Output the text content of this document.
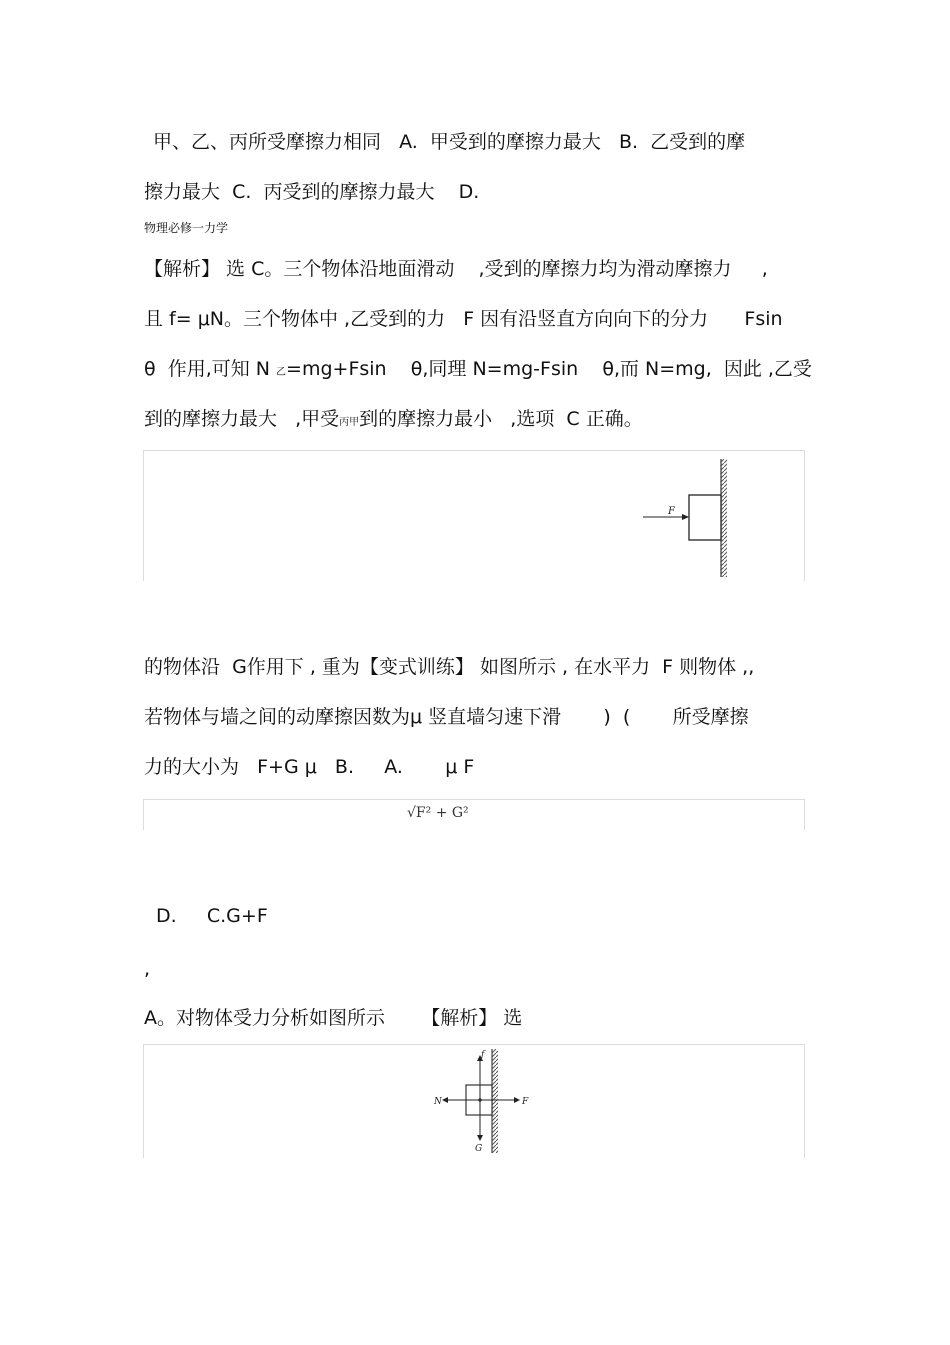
甲、乙、丙所受摩擦力相同   A.  甲受到的摩擦力最大   B.  乙受到的摩
擦力最大  C.  丙受到的摩擦力最大    D.
物理必修一力学
【解析】 选 C。三个物体沿地面滑动    ,受到的摩擦力均为滑动摩擦力     ,
且 f= μN。三个物体中 ,乙受到的力   F 因有沿竖直方向向下的分力      Fsin
θ  作用,可知 N 乙=mg+Fsin    θ,同理 N=mg-Fsin    θ,而 N=mg,  因此 ,乙受
到的摩擦力最大   ,甲受丙甲到的摩擦力最小   ,选项  C 正确。
F
的物体沿  G作用下 , 重为【变式训练】 如图所示 , 在水平力  F 则物体 ,,
若物体与墙之间的动摩擦因数为μ 竖直墙匀速下滑       )  (       所受摩擦
力的大小为   F+G μ   B.     A.       μ F
√F² + G²
D.     C.G+F
,
A。对物体受力分析如图所示      【解析】 选
f
N	F
G
